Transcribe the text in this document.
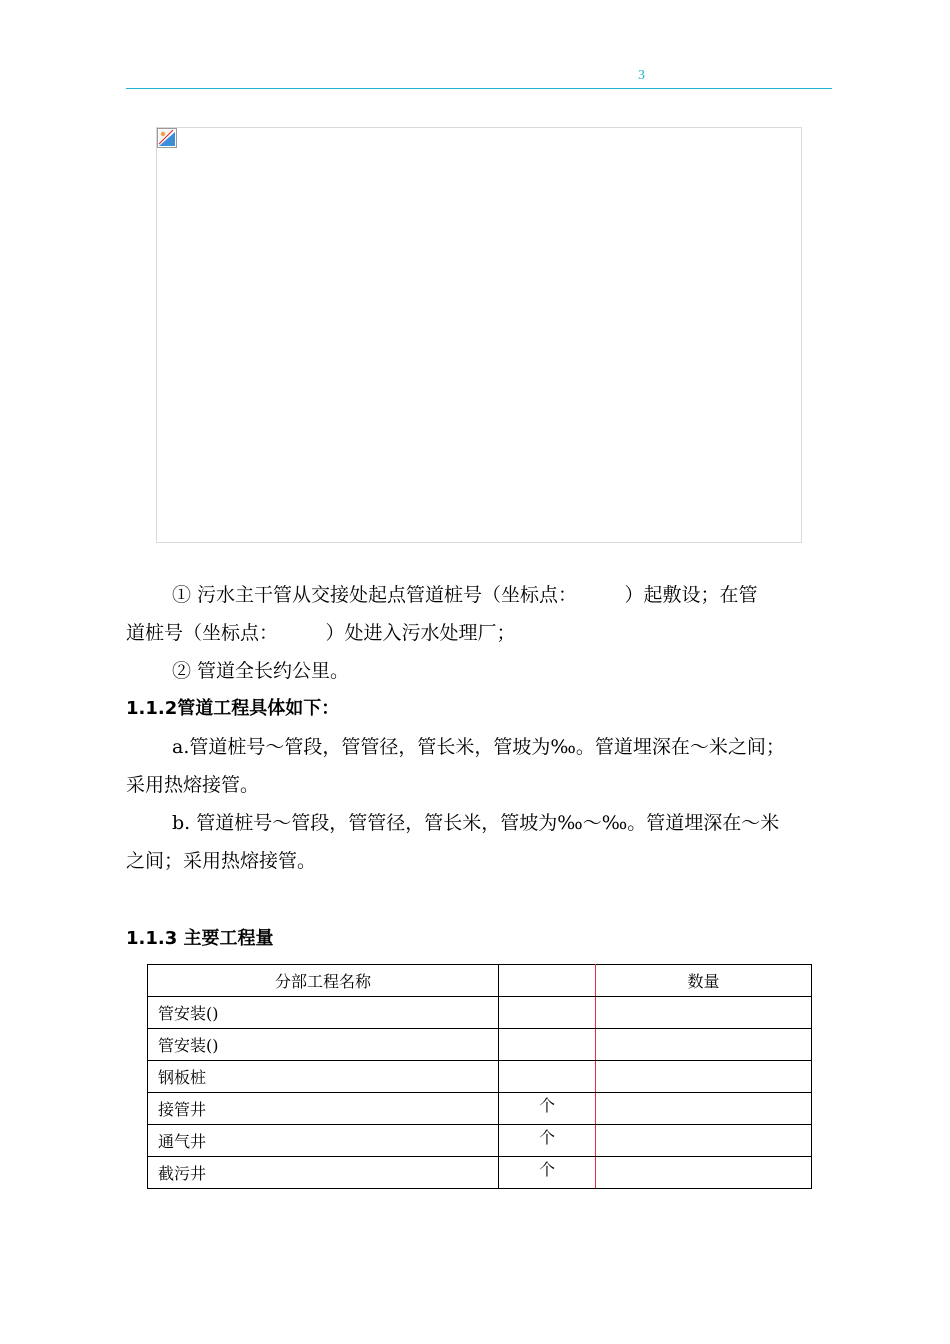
3
① 污水主干管从交接处起点管道桩号（坐标点：　　　）起敷设；在管
道桩号（坐标点：　　　）处进入污水处理厂；
② 管道全长约公里。
1.1.2管道工程具体如下：
a.管道桩号～管段，管管径，管长米，管坡为‰。管道埋深在～米之间；
采用热熔接管。
b. 管道桩号～管段，管管径，管长米，管坡为‰～‰。管道埋深在～米
之间；采用热熔接管。
1.1.3 主要工程量
分部工程名称		数量
管安装()		
管安装()		
钢板桩		
接管井	个	
通气井	个	
截污井	个	
